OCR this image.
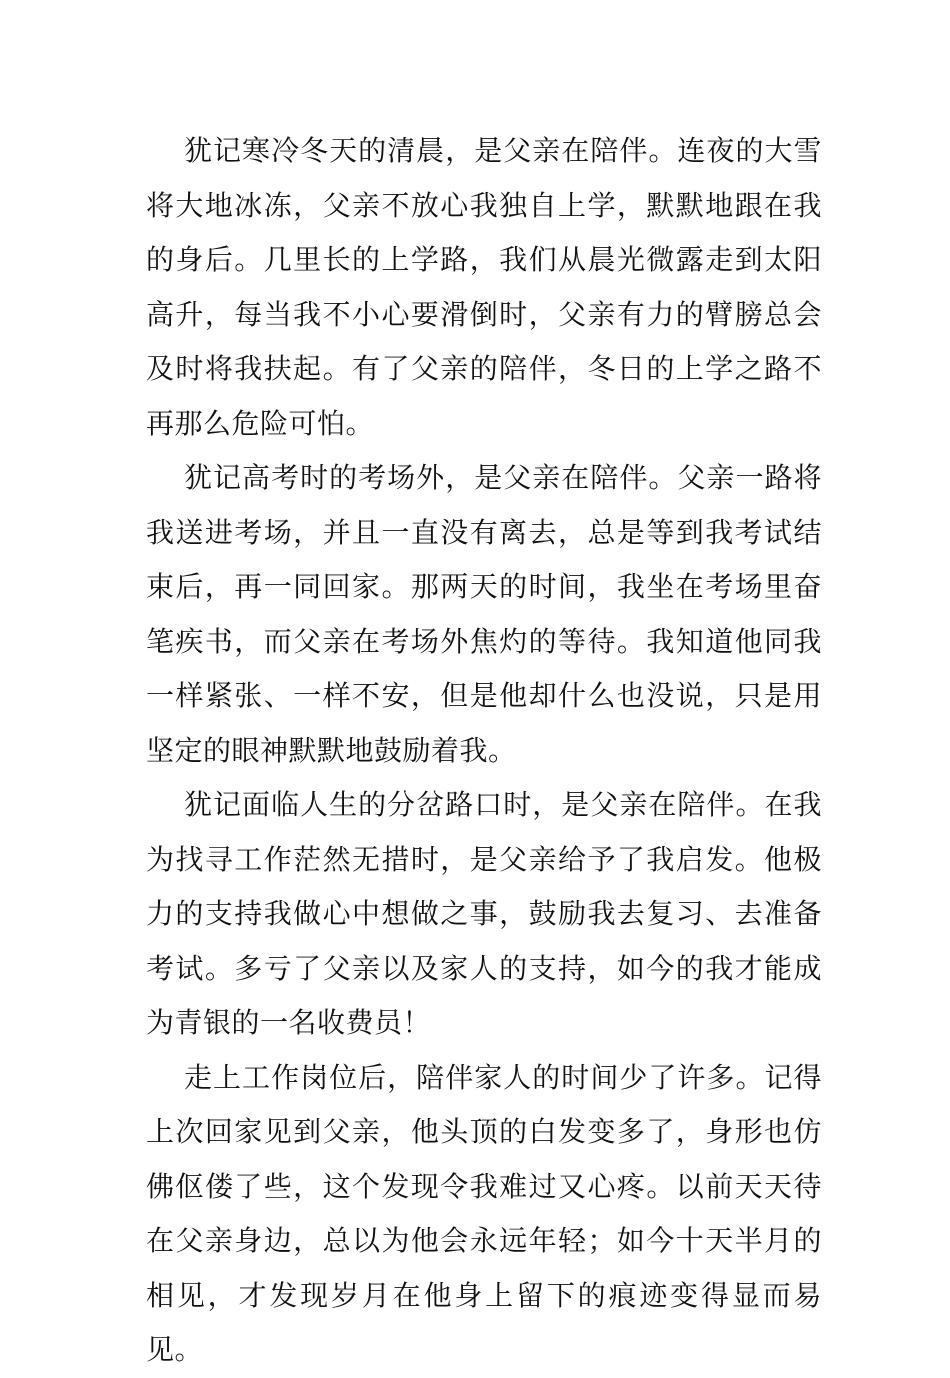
犹记寒冷冬天的清晨，是父亲在陪伴。连夜的大雪将大地冰冻，父亲不放心我独自上学，默默地跟在我的身后。几里长的上学路，我们从晨光微露走到太阳高升，每当我不小心要滑倒时，父亲有力的臂膀总会及时将我扶起。有了父亲的陪伴，冬日的上学之路不再那么危险可怕。

犹记高考时的考场外，是父亲在陪伴。父亲一路将我送进考场，并且一直没有离去，总是等到我考试结束后，再一同回家。那两天的时间，我坐在考场里奋笔疾书，而父亲在考场外焦灼的等待。我知道他同我一样紧张、一样不安，但是他却什么也没说，只是用坚定的眼神默默地鼓励着我。

犹记面临人生的分岔路口时，是父亲在陪伴。在我为找寻工作茫然无措时，是父亲给予了我启发。他极力的支持我做心中想做之事，鼓励我去复习、去准备考试。多亏了父亲以及家人的支持，如今的我才能成为青银的一名收费员！

走上工作岗位后，陪伴家人的时间少了许多。记得上次回家见到父亲，他头顶的白发变多了，身形也仿佛伛偻了些，这个发现令我难过又心疼。以前天天待在父亲身边，总以为他会永远年轻；如今十天半月的相见，才发现岁月在他身上留下的痕迹变得显而易见。
